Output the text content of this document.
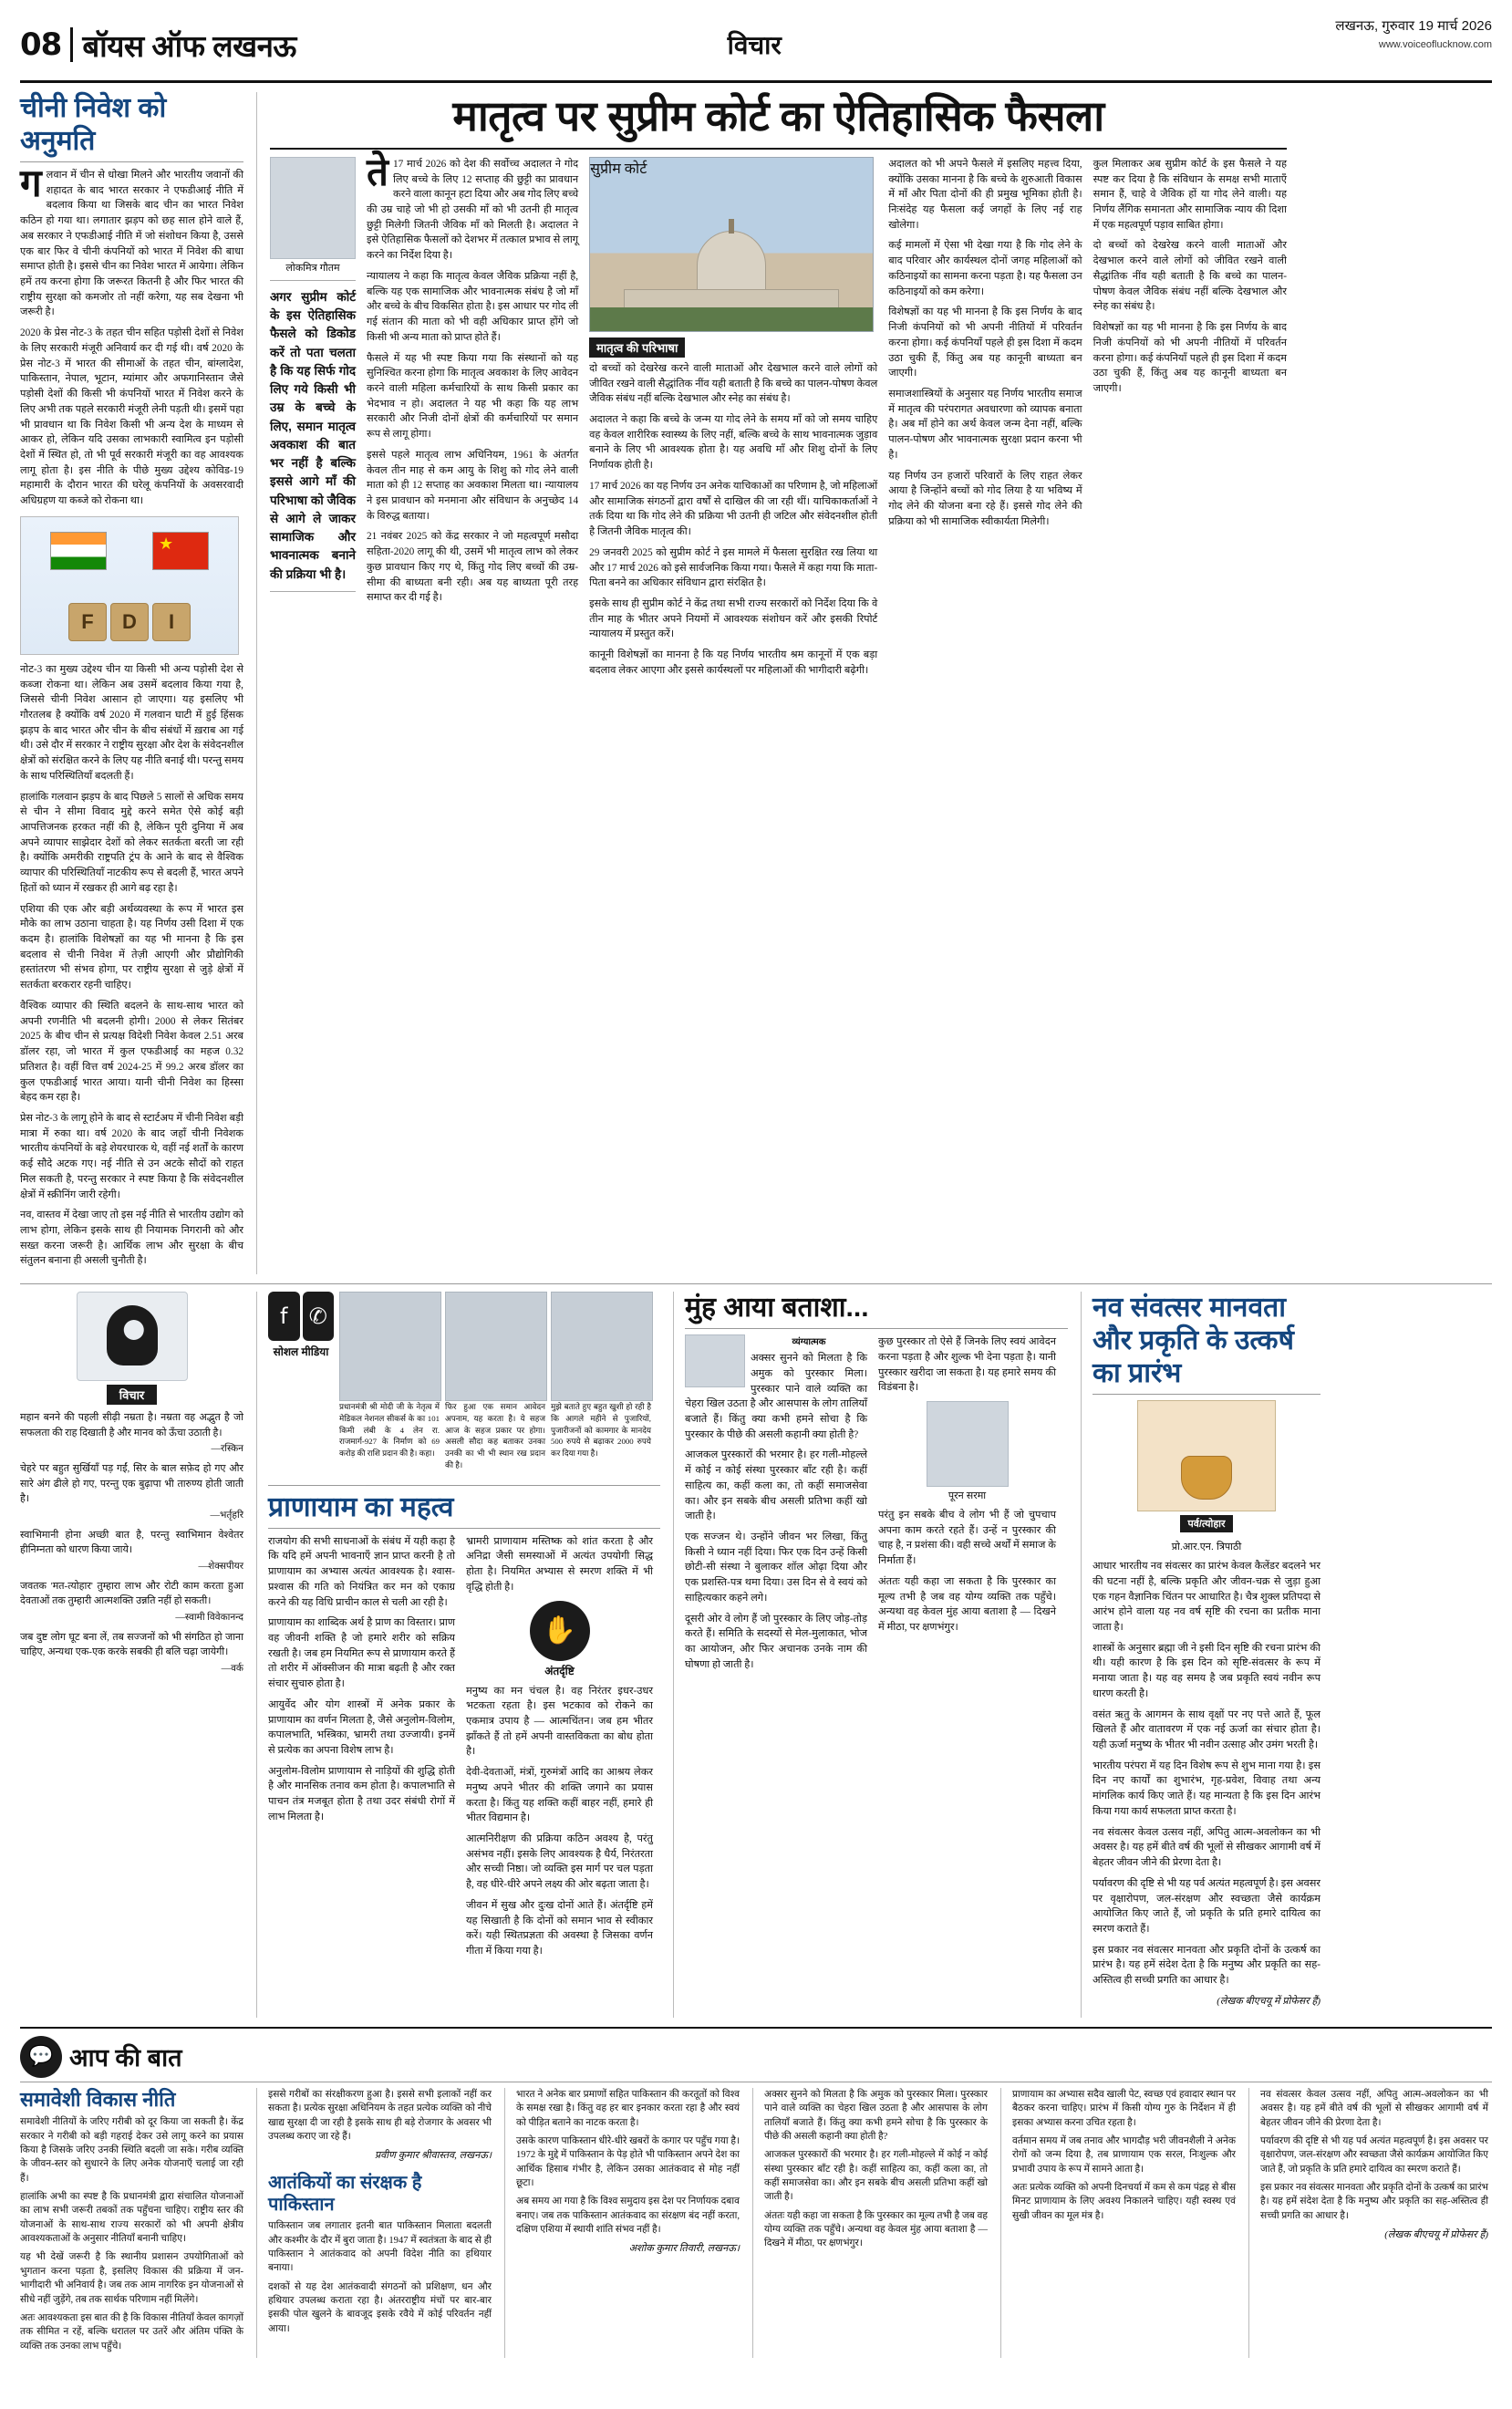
08 बॉयस ऑफ लखनऊ	विचार
लखनऊ, गुरुवार 19 मार्च 2026
www.voiceoflucknow.com
चीनी निवेश को अनुमति

गलवान में चीन से धोखा मिलने और भारतीय जवानों की शहादत के बाद भारत सरकार ने एफडीआई नीति में बदलाव किया था जिसके बाद चीन का भारत निवेश कठिन हो गया था। लगातार झड़प को छह साल होने वाले हैं, अब सरकार ने एफडीआई नीति में जो संशोधन किया है, उससे एक बार फिर वे चीनी कंपनियों को भारत में निवेश की बाधा समाप्त होती है। इससे चीन का निवेश भारत में आयेगा। लेकिन हमें तय करना होगा कि जरूरत कितनी है और फिर भारत की राष्ट्रीय सुरक्षा को कमजोर तो नहीं करेगा, यह सब देखना भी जरूरी है।

2020 के प्रेस नोट-3 के तहत चीन सहित पड़ोसी देशों से निवेश के लिए सरकारी मंजूरी अनिवार्य कर दी गई थी। वर्ष 2020 के प्रेस नोट-3 में भारत की सीमाओं के तहत चीन, बांग्लादेश, पाकिस्तान, नेपाल, भूटान, म्यांमार और अफगानिस्तान जैसे पड़ोसी देशों की किसी भी कंपनियों भारत में निवेश करने के लिए अभी तक पहले सरकारी मंजूरी लेनी पड़ती थी। इसमें पहा भी प्रावधान था कि निवेश किसी भी अन्य देश के माध्यम से आकर हो, लेकिन यदि उसका लाभकारी स्वामित्व इन पड़ोसी देशों में स्थित हो, तो भी पूर्व सरकारी मंजूरी का वह आवश्यक लागू होता है। इस नीति के पीछे मुख्य उद्देश्य कोविड-19 महामारी के दौरान भारत की घरेलू कंपनियों के अवसरवादी अधिग्रहण या कब्जे को रोकना था।

★
F	D	I

नोट-3 का मुख्य उद्देश्य चीन या किसी भी अन्य पड़ोसी देश से कब्जा रोकना था। लेकिन अब उसमें बदलाव किया गया है, जिससे चीनी निवेश आसान हो जाएगा। यह इसलिए भी गौरतलब है क्योंकि वर्ष 2020 में गलवान घाटी में हुई हिंसक झड़प के बाद भारत और चीन के बीच संबंधों में ख़राब आ गई थी। उसे दौर में सरकार ने राष्ट्रीय सुरक्षा और देश के संवेदनशील क्षेत्रों को संरक्षित करने के लिए यह नीति बनाई थी। परन्तु समय के साथ परिस्थितियाँ बदलती हैं।

हालांकि गलवान झड़प के बाद पिछले 5 सालों से अधिक समय से चीन ने सीमा विवाद मुद्दे करने समेत ऐसे कोई बड़ी आपत्तिजनक हरकत नहीं की है, लेकिन पूरी दुनिया में अब अपने व्यापार साझेदार देशों को लेकर सतर्कता बरती जा रही है। क्योंकि अमरीकी राष्ट्रपति ट्रंप के आने के बाद से वैश्विक व्यापार की परिस्थितियाँ नाटकीय रूप से बदली हैं, भारत अपने हितों को ध्यान में रखकर ही आगे बढ़ रहा है।

एशिया की एक और बड़ी अर्थव्यवस्था के रूप में भारत इस मौके का लाभ उठाना चाहता है। यह निर्णय उसी दिशा में एक कदम है। हालांकि विशेषज्ञों का यह भी मानना है कि इस बदलाव से चीनी निवेश में तेज़ी आएगी और प्रौद्योगिकी हस्तांतरण भी संभव होगा, पर राष्ट्रीय सुरक्षा से जुड़े क्षेत्रों में सतर्कता बरकरार रहनी चाहिए।

वैश्विक व्यापार की स्थिति बदलने के साथ-साथ भारत को अपनी रणनीति भी बदलनी होगी। 2000 से लेकर सितंबर 2025 के बीच चीन से प्रत्यक्ष विदेशी निवेश केवल 2.51 अरब डॉलर रहा, जो भारत में कुल एफडीआई का महज 0.32 प्रतिशत है। वहीं वित्त वर्ष 2024-25 में 99.2 अरब डॉलर का कुल एफडीआई भारत आया। यानी चीनी निवेश का हिस्सा बेहद कम रहा है।

प्रेस नोट-3 के लागू होने के बाद से स्टार्टअप में चीनी निवेश बड़ी मात्रा में रुका था। वर्ष 2020 के बाद जहाँ चीनी निवेशक भारतीय कंपनियों के बड़े शेयरधारक थे, वहीं नई शर्तों के कारण कई सौदे अटक गए। नई नीति से उन अटके सौदों को राहत मिल सकती है, परन्तु सरकार ने स्पष्ट किया है कि संवेदनशील क्षेत्रों में स्क्रीनिंग जारी रहेगी।

नव, वास्तव में देखा जाए तो इस नई नीति से भारतीय उद्योग को लाभ होगा, लेकिन इसके साथ ही नियामक निगरानी को और सख्त करना जरूरी है। आर्थिक लाभ और सुरक्षा के बीच संतुलन बनाना ही असली चुनौती है।

मातृत्व पर सुप्रीम कोर्ट का ऐतिहासिक फैसला
लोकमित्र गौतम
अगर सुप्रीम कोर्ट के इस ऐतिहासिक फैसले को डिकोड करें तो पता चलता है कि यह सिर्फ गोद लिए गये किसी भी उम्र के बच्चे के लिए, समान मातृत्व अवकाश की बात भर नहीं है बल्कि इससे आगे माँ की परिभाषा को जैविक से आगे ले जाकर सामाजिक और भावनात्मक बनाने की प्रक्रिया भी है।

ते17 मार्च 2026 को देश की सर्वोच्च अदालत ने गोद लिए बच्चे के लिए 12 सप्ताह की छुट्टी का प्रावधान करने वाला कानून हटा दिया और अब गोद लिए बच्चे की उम्र चाहे जो भी हो उसकी माँ को भी उतनी ही मातृत्व छुट्टी मिलेगी जितनी जैविक माँ को मिलती है। अदालत ने इसे ऐतिहासिक फैसलों को देशभर में तत्काल प्रभाव से लागू करने का निर्देश दिया है।

न्यायालय ने कहा कि मातृत्व केवल जैविक प्रक्रिया नहीं है, बल्कि यह एक सामाजिक और भावनात्मक संबंध है जो माँ और बच्चे के बीच विकसित होता है। इस आधार पर गोद ली गई संतान की माता को भी वही अधिकार प्राप्त होंगे जो किसी भी अन्य माता को प्राप्त होते हैं।

फैसले में यह भी स्पष्ट किया गया कि संस्थानों को यह सुनिश्चित करना होगा कि मातृत्व अवकाश के लिए आवेदन करने वाली महिला कर्मचारियों के साथ किसी प्रकार का भेदभाव न हो। अदालत ने यह भी कहा कि यह लाभ सरकारी और निजी दोनों क्षेत्रों की कर्मचारियों पर समान रूप से लागू होगा।

इससे पहले मातृत्व लाभ अधिनियम, 1961 के अंतर्गत केवल तीन माह से कम आयु के शिशु को गोद लेने वाली माता को ही 12 सप्ताह का अवकाश मिलता था। न्यायालय ने इस प्रावधान को मनमाना और संविधान के अनुच्छेद 14 के विरुद्ध बताया।

21 नवंबर 2025 को केंद्र सरकार ने जो महत्वपूर्ण मसौदा सहिता-2020 लागू की थी, उसमें भी मातृत्व लाभ को लेकर कुछ प्रावधान किए गए थे, किंतु गोद लिए बच्चों की उम्र-सीमा की बाध्यता बनी रही। अब यह बाध्यता पूरी तरह समाप्त कर दी गई है।

सुप्रीम कोर्ट
मातृत्व की परिभाषा

दो बच्चों को देखरेख करने वाली माताओं और देखभाल करने वाले लोगों को जीवित रखने वाली सैद्धांतिक नींव यही बताती है कि बच्चे का पालन-पोषण केवल जैविक संबंध नहीं बल्कि देखभाल और स्नेह का संबंध है।

अदालत ने कहा कि बच्चे के जन्म या गोद लेने के समय माँ को जो समय चाहिए वह केवल शारीरिक स्वास्थ्य के लिए नहीं, बल्कि बच्चे के साथ भावनात्मक जुड़ाव बनाने के लिए भी आवश्यक होता है। यह अवधि माँ और शिशु दोनों के लिए निर्णायक होती है।

17 मार्च 2026 का यह निर्णय उन अनेक याचिकाओं का परिणाम है, जो महिलाओं और सामाजिक संगठनों द्वारा वर्षों से दाखिल की जा रही थीं। याचिकाकर्ताओं ने तर्क दिया था कि गोद लेने की प्रक्रिया भी उतनी ही जटिल और संवेदनशील होती है जितनी जैविक मातृत्व की।

29 जनवरी 2025 को सुप्रीम कोर्ट ने इस मामले में फैसला सुरक्षित रख लिया था और 17 मार्च 2026 को इसे सार्वजनिक किया गया। फैसले में कहा गया कि माता-पिता बनने का अधिकार संविधान द्वारा संरक्षित है।

इसके साथ ही सुप्रीम कोर्ट ने केंद्र तथा सभी राज्य सरकारों को निर्देश दिया कि वे तीन माह के भीतर अपने नियमों में आवश्यक संशोधन करें और इसकी रिपोर्ट न्यायालय में प्रस्तुत करें।

कानूनी विशेषज्ञों का मानना है कि यह निर्णय भारतीय श्रम कानूनों में एक बड़ा बदलाव लेकर आएगा और इससे कार्यस्थलों पर महिलाओं की भागीदारी बढ़ेगी।

अदालत को भी अपने फैसले में इसलिए महत्त्व दिया, क्योंकि उसका मानना है कि बच्चे के शुरुआती विकास में माँ और पिता दोनों की ही प्रमुख भूमिका होती है। निःसंदेह यह फैसला कई जगहों के लिए नई राह खोलेगा।

कई मामलों में ऐसा भी देखा गया है कि गोद लेने के बाद परिवार और कार्यस्थल दोनों जगह महिलाओं को कठिनाइयों का सामना करना पड़ता है। यह फैसला उन कठिनाइयों को कम करेगा।

विशेषज्ञों का यह भी मानना है कि इस निर्णय के बाद निजी कंपनियों को भी अपनी नीतियों में परिवर्तन करना होगा। कई कंपनियाँ पहले ही इस दिशा में कदम उठा चुकी हैं, किंतु अब यह कानूनी बाध्यता बन जाएगी।

समाजशास्त्रियों के अनुसार यह निर्णय भारतीय समाज में मातृत्व की परंपरागत अवधारणा को व्यापक बनाता है। अब माँ होने का अर्थ केवल जन्म देना नहीं, बल्कि पालन-पोषण और भावनात्मक सुरक्षा प्रदान करना भी है।

यह निर्णय उन हजारों परिवारों के लिए राहत लेकर आया है जिन्होंने बच्चों को गोद लिया है या भविष्य में गोद लेने की योजना बना रहे हैं। इससे गोद लेने की प्रक्रिया को भी सामाजिक स्वीकार्यता मिलेगी।

कुल मिलाकर अब सुप्रीम कोर्ट के इस फैसले ने यह स्पष्ट कर दिया है कि संविधान के समक्ष सभी माताएँ समान हैं, चाहे वे जैविक हों या गोद लेने वाली। यह निर्णय लैंगिक समानता और सामाजिक न्याय की दिशा में एक महत्वपूर्ण पड़ाव साबित होगा।

दो बच्चों को देखरेख करने वाली माताओं और देखभाल करने वाले लोगों को जीवित रखने वाली सैद्धांतिक नींव यही बताती है कि बच्चे का पालन-पोषण केवल जैविक संबंध नहीं बल्कि देखभाल और स्नेह का संबंध है।

विशेषज्ञों का यह भी मानना है कि इस निर्णय के बाद निजी कंपनियों को भी अपनी नीतियों में परिवर्तन करना होगा। कई कंपनियाँ पहले ही इस दिशा में कदम उठा चुकी हैं, किंतु अब यह कानूनी बाध्यता बन जाएगी।

विचार

महान बनने की पहली सीढ़ी नम्रता है। नम्रता वह अद्भुत है जो सफलता की राह दिखाती है और मानव को ऊँचा उठाती है।

—रस्किन

चेहरे पर बहुत सुर्खियाँ पड़ गईं, सिर के बाल सफ़ेद हो गए और सारे अंग ढीले हो गए, परन्तु एक बुढ़ापा भी तारुण्य होती जाती है।

—भर्तृहरि

स्वाभिमानी होना अच्छी बात है, परन्तु स्वाभिमान वेश्वेतर हीनिम्नता को धारण किया जाये।

—शेक्सपीयर

जवतक 'मत-त्योहार' तुम्हारा लाभ और रोटी काम करता हुआ देवताओं तक तुम्हारी आत्मशक्ति उन्नति नहीं हो सकती।

—स्वामी विवेकानन्द

जब दुष्ट लोग घूट बना लें, तब सज्जनों को भी संगठित हो जाना चाहिए, अन्यथा एक-एक करके सबकी ही बलि चढ़ा जायेगी।

—वर्क

f ✆
सोशल मीडिया

प्रधानमंत्री श्री मोदी जी के नेतृत्व में मेडिकल नेशनल सीकर्स के का 101 किमी लंबी के 4 लेन रा. राजमार्ग-927 के निर्माण को 69 करोड़ की राशि प्रदान की है। कहा।

फिर हुआ एक समान आवेदन अपनाम, यह करता है। ये सहज आज के सहज प्रकार पर होगा। असली सौदा कह बताकर उनका उनकी का भी भी स्थान रख प्रदान की है।

मुझे बताते हुए बहुत खुशी हो रही है कि आगले महीने से पुजारियों, पुजारीजनों को कामगार के मानदेय 500 रुपये से बढ़ाकर 2000 रुपये कर दिया गया है।

प्राणायाम का महत्व

राजयोग की सभी साधनाओं के संबंध में यही कहा है कि यदि हमें अपनी भावनाएँ ज्ञान प्राप्त करनी है तो प्राणायाम का अभ्यास अत्यंत आवश्यक है। श्वास-प्रश्वास की गति को नियंत्रित कर मन को एकाग्र करने की यह विधि प्राचीन काल से चली आ रही है।

प्राणायाम का शाब्दिक अर्थ है प्राण का विस्तार। प्राण वह जीवनी शक्ति है जो हमारे शरीर को सक्रिय रखती है। जब हम नियमित रूप से प्राणायाम करते हैं तो शरीर में ऑक्सीजन की मात्रा बढ़ती है और रक्त संचार सुचारु होता है।

आयुर्वेद और योग शास्त्रों में अनेक प्रकार के प्राणायाम का वर्णन मिलता है, जैसे अनुलोम-विलोम, कपालभाति, भस्त्रिका, भ्रामरी तथा उज्जायी। इनमें से प्रत्येक का अपना विशेष लाभ है।

अनुलोम-विलोम प्राणायाम से नाड़ियों की शुद्धि होती है और मानसिक तनाव कम होता है। कपालभाति से पाचन तंत्र मजबूत होता है तथा उदर संबंधी रोगों में लाभ मिलता है।

भ्रामरी प्राणायाम मस्तिष्क को शांत करता है और अनिद्रा जैसी समस्याओं में अत्यंत उपयोगी सिद्ध होता है। नियमित अभ्यास से स्मरण शक्ति में भी वृद्धि होती है।

✋
अंतर्दृष्टि

मनुष्य का मन चंचल है। वह निरंतर इधर-उधर भटकता रहता है। इस भटकाव को रोकने का एकमात्र उपाय है — आत्मचिंतन। जब हम भीतर झाँकते हैं तो हमें अपनी वास्तविकता का बोध होता है।

देवी-देवताओं, मंत्रों, गुरुमंत्रों आदि का आश्रय लेकर मनुष्य अपने भीतर की शक्ति जगाने का प्रयास करता है। किंतु यह शक्ति कहीं बाहर नहीं, हमारे ही भीतर विद्यमान है।

आत्मनिरीक्षण की प्रक्रिया कठिन अवश्य है, परंतु असंभव नहीं। इसके लिए आवश्यक है धैर्य, निरंतरता और सच्ची निष्ठा। जो व्यक्ति इस मार्ग पर चल पड़ता है, वह धीरे-धीरे अपने लक्ष्य की ओर बढ़ता जाता है।

जीवन में सुख और दुःख दोनों आते हैं। अंतर्दृष्टि हमें यह सिखाती है कि दोनों को समान भाव से स्वीकार करें। यही स्थितप्रज्ञता की अवस्था है जिसका वर्णन गीता में किया गया है।

मुंह आया बताशा...
व्यंग्यात्मक

अक्सर सुनने को मिलता है कि अमुक को पुरस्कार मिला। पुरस्कार पाने वाले व्यक्ति का चेहरा खिल उठता है और आसपास के लोग तालियाँ बजाते हैं। किंतु क्या कभी हमने सोचा है कि पुरस्कार के पीछे की असली कहानी क्या होती है?

आजकल पुरस्कारों की भरमार है। हर गली-मोहल्ले में कोई न कोई संस्था पुरस्कार बाँट रही है। कहीं साहित्य का, कहीं कला का, तो कहीं समाजसेवा का। और इन सबके बीच असली प्रतिभा कहीं खो जाती है।

एक सज्जन थे। उन्होंने जीवन भर लिखा, किंतु किसी ने ध्यान नहीं दिया। फिर एक दिन उन्हें किसी छोटी-सी संस्था ने बुलाकर शॉल ओढ़ा दिया और एक प्रशस्ति-पत्र थमा दिया। उस दिन से वे स्वयं को साहित्यकार कहने लगे।

दूसरी ओर वे लोग हैं जो पुरस्कार के लिए जोड़-तोड़ करते हैं। समिति के सदस्यों से मेल-मुलाकात, भोज का आयोजन, और फिर अचानक उनके नाम की घोषणा हो जाती है।

कुछ पुरस्कार तो ऐसे हैं जिनके लिए स्वयं आवेदन करना पड़ता है और शुल्क भी देना पड़ता है। यानी पुरस्कार खरीदा जा सकता है। यह हमारे समय की विडंबना है।

पूरन सरमा

परंतु इन सबके बीच वे लोग भी हैं जो चुपचाप अपना काम करते रहते हैं। उन्हें न पुरस्कार की चाह है, न प्रशंसा की। वही सच्चे अर्थों में समाज के निर्माता हैं।

अंततः यही कहा जा सकता है कि पुरस्कार का मूल्य तभी है जब वह योग्य व्यक्ति तक पहुँचे। अन्यथा वह केवल मुंह आया बताशा है — दिखने में मीठा, पर क्षणभंगुर।

नव संवत्सर मानवता और प्रकृति के उत्कर्ष का प्रारंभ
पर्व/त्योहार
प्रो.आर.एन. त्रिपाठी

आधार भारतीय नव संवत्सर का प्रारंभ केवल कैलेंडर बदलने भर की घटना नहीं है, बल्कि प्रकृति और जीवन-चक्र से जुड़ा हुआ एक गहन वैज्ञानिक चिंतन पर आधारित है। चैत्र शुक्ल प्रतिपदा से आरंभ होने वाला यह नव वर्ष सृष्टि की रचना का प्रतीक माना जाता है।

शास्त्रों के अनुसार ब्रह्मा जी ने इसी दिन सृष्टि की रचना प्रारंभ की थी। यही कारण है कि इस दिन को सृष्टि-संवत्सर के रूप में मनाया जाता है। यह वह समय है जब प्रकृति स्वयं नवीन रूप धारण करती है।

वसंत ऋतु के आगमन के साथ वृक्षों पर नए पत्ते आते हैं, फूल खिलते हैं और वातावरण में एक नई ऊर्जा का संचार होता है। यही ऊर्जा मनुष्य के भीतर भी नवीन उत्साह और उमंग भरती है।

भारतीय परंपरा में यह दिन विशेष रूप से शुभ माना गया है। इस दिन नए कार्यों का शुभारंभ, गृह-प्रवेश, विवाह तथा अन्य मांगलिक कार्य किए जाते हैं। यह मान्यता है कि इस दिन आरंभ किया गया कार्य सफलता प्राप्त करता है।

नव संवत्सर केवल उत्सव नहीं, अपितु आत्म-अवलोकन का भी अवसर है। यह हमें बीते वर्ष की भूलों से सीखकर आगामी वर्ष में बेहतर जीवन जीने की प्रेरणा देता है।

पर्यावरण की दृष्टि से भी यह पर्व अत्यंत महत्वपूर्ण है। इस अवसर पर वृक्षारोपण, जल-संरक्षण और स्वच्छता जैसे कार्यक्रम आयोजित किए जाते हैं, जो प्रकृति के प्रति हमारे दायित्व का स्मरण कराते हैं।

इस प्रकार नव संवत्सर मानवता और प्रकृति दोनों के उत्कर्ष का प्रारंभ है। यह हमें संदेश देता है कि मनुष्य और प्रकृति का सह-अस्तित्व ही सच्ची प्रगति का आधार है।

(लेखक बीएचयू में प्रोफेसर हैं)

💬 आप की बात
समावेशी विकास नीति

समावेशी नीतियों के जरिए गरीबी को दूर किया जा सकती है। केंद्र सरकार ने गरीबी को बड़ी गहराई देकर उसे लागू करने का प्रयास किया है जिसके जरिए उनकी स्थिति बदली जा सके। गरीब व्यक्ति के जीवन-स्तर को सुधारने के लिए अनेक योजनाएँ चलाई जा रही हैं।

हालांकि अभी का स्पष्ट है कि प्रधानमंत्री द्वारा संचालित योजनाओं का लाभ सभी जरूरी तबकों तक पहुँचना चाहिए। राष्ट्रीय स्तर की योजनाओं के साथ-साथ राज्य सरकारों को भी अपनी क्षेत्रीय आवश्यकताओं के अनुसार नीतियाँ बनानी चाहिए।

यह भी देखें जरूरी है कि स्थानीय प्रशासन उपयोगिताओं को भुगतान करना पड़ता है, इसलिए विकास की प्रक्रिया में जन-भागीदारी भी अनिवार्य है। जब तक आम नागरिक इन योजनाओं से सीधे नहीं जुड़ेंगे, तब तक सार्थक परिणाम नहीं मिलेंगे।

अतः आवश्यकता इस बात की है कि विकास नीतियाँ केवल कागज़ों तक सीमित न रहें, बल्कि धरातल पर उतरें और अंतिम पंक्ति के व्यक्ति तक उनका लाभ पहुँचे।

इससे गरीबों का संरक्षीकरण हुआ है। इससे सभी इलाकों नहीं कर सकता है। प्रत्येक सुरक्षा अधिनियम के तहत प्रत्येक व्यक्ति को नीचे खाद्य सुरक्षा दी जा रही है इसके साथ ही बड़े रोजगार के अवसर भी उपलब्ध कराए जा रहे हैं।

प्रवीण कुमार श्रीवास्तव, लखनऊ।

आतंकियों का संरक्षक है पाकिस्तान

पाकिस्तान जब लगातार इतनी बात पाकिस्तान मिलाता बदलती और कश्मीर के दौर में बुरा जाता है। 1947 में स्वतंत्रता के बाद से ही पाकिस्तान ने आतंकवाद को अपनी विदेश नीति का हथियार बनाया।

दशकों से यह देश आतंकवादी संगठनों को प्रशिक्षण, धन और हथियार उपलब्ध कराता रहा है। अंतरराष्ट्रीय मंचों पर बार-बार इसकी पोल खुलने के बावजूद इसके रवैये में कोई परिवर्तन नहीं आया।

भारत ने अनेक बार प्रमाणों सहित पाकिस्तान की करतूतों को विश्व के समक्ष रखा है। किंतु वह हर बार इनकार करता रहा है और स्वयं को पीड़ित बताने का नाटक करता है।

उसके कारण पाकिस्तान धीरे-धीरे खबरों के कगार पर पहुँच गया है। 1972 के मुद्दे में पाकिस्तान के पेड़ होते भी पाकिस्तान अपने देश का आर्थिक हिसाब गंभीर है, लेकिन उसका आतंकवाद से मोह नहीं छूटा।

अब समय आ गया है कि विश्व समुदाय इस देश पर निर्णायक दबाव बनाए। जब तक पाकिस्तान आतंकवाद का संरक्षण बंद नहीं करता, दक्षिण एशिया में स्थायी शांति संभव नहीं है।

अशोक कुमार तिवारी, लखनऊ।

अक्सर सुनने को मिलता है कि अमुक को पुरस्कार मिला। पुरस्कार पाने वाले व्यक्ति का चेहरा खिल उठता है और आसपास के लोग तालियाँ बजाते हैं। किंतु क्या कभी हमने सोचा है कि पुरस्कार के पीछे की असली कहानी क्या होती है?

आजकल पुरस्कारों की भरमार है। हर गली-मोहल्ले में कोई न कोई संस्था पुरस्कार बाँट रही है। कहीं साहित्य का, कहीं कला का, तो कहीं समाजसेवा का। और इन सबके बीच असली प्रतिभा कहीं खो जाती है।

अंततः यही कहा जा सकता है कि पुरस्कार का मूल्य तभी है जब वह योग्य व्यक्ति तक पहुँचे। अन्यथा वह केवल मुंह आया बताशा है — दिखने में मीठा, पर क्षणभंगुर।

प्राणायाम का अभ्यास सदैव खाली पेट, स्वच्छ एवं हवादार स्थान पर बैठकर करना चाहिए। प्रारंभ में किसी योग्य गुरु के निर्देशन में ही इसका अभ्यास करना उचित रहता है।

वर्तमान समय में जब तनाव और भागदौड़ भरी जीवनशैली ने अनेक रोगों को जन्म दिया है, तब प्राणायाम एक सरल, निःशुल्क और प्रभावी उपाय के रूप में सामने आता है।

अतः प्रत्येक व्यक्ति को अपनी दिनचर्या में कम से कम पंद्रह से बीस मिनट प्राणायाम के लिए अवश्य निकालने चाहिए। यही स्वस्थ एवं सुखी जीवन का मूल मंत्र है।

नव संवत्सर केवल उत्सव नहीं, अपितु आत्म-अवलोकन का भी अवसर है। यह हमें बीते वर्ष की भूलों से सीखकर आगामी वर्ष में बेहतर जीवन जीने की प्रेरणा देता है।

पर्यावरण की दृष्टि से भी यह पर्व अत्यंत महत्वपूर्ण है। इस अवसर पर वृक्षारोपण, जल-संरक्षण और स्वच्छता जैसे कार्यक्रम आयोजित किए जाते हैं, जो प्रकृति के प्रति हमारे दायित्व का स्मरण कराते हैं।

इस प्रकार नव संवत्सर मानवता और प्रकृति दोनों के उत्कर्ष का प्रारंभ है। यह हमें संदेश देता है कि मनुष्य और प्रकृति का सह-अस्तित्व ही सच्ची प्रगति का आधार है।

(लेखक बीएचयू में प्रोफेसर हैं)
